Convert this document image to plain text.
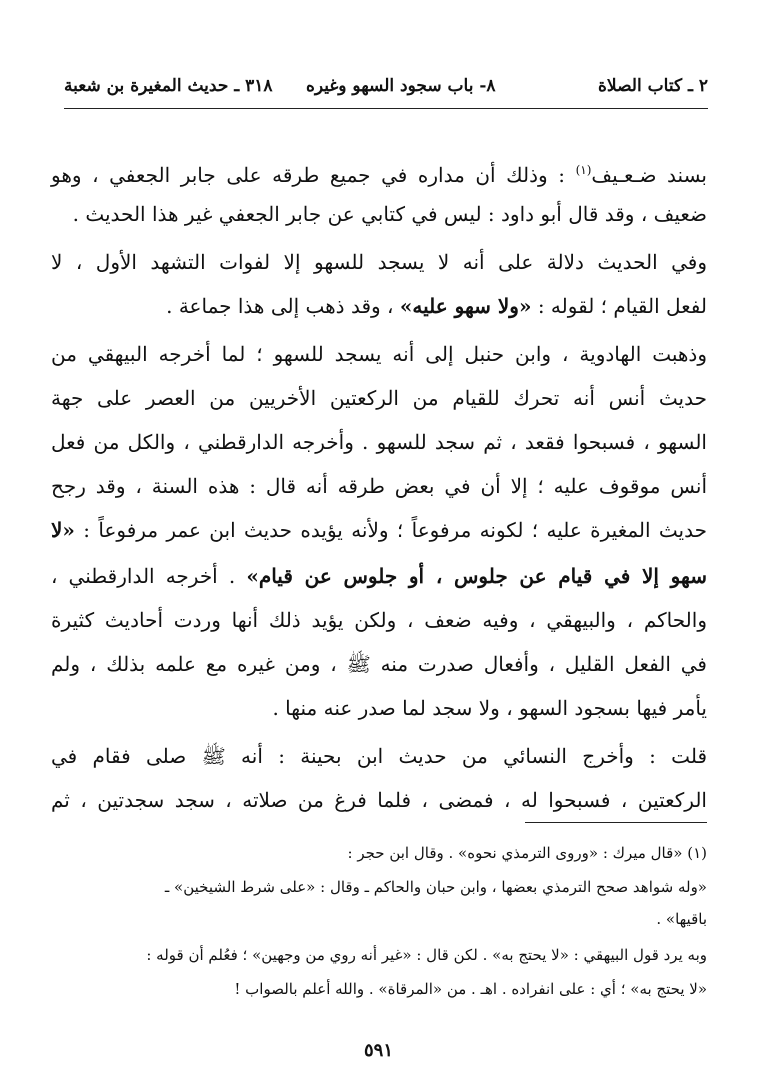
٢ ـ كتاب الصلاة
٨- باب سجود السهو وغيره
٣١٨ ـ حديث المغيرة بن شعبة
بسند ضـعـيف$^{(١)}$ : وذلك أن مداره في جميع طرقه على جابر الجعفي ، وهو
ضعيف ، وقد قال أبو داود : ليس في كتابي عن جابر الجعفي غير هذا الحديث .
وفي الحديث دلالة على أنه لا يسجد للسهو إلا لفوات التشهد الأول ، لا
لفعل القيام ؛ لقوله : «ولا سهو عليه» ، وقد ذهب إلى هذا جماعة .
وذهبت الهادوية ، وابن حنبل إلى أنه يسجد للسهو ؛ لما أخرجه البيهقي من
حديث أنس أنه تحرك للقيام من الركعتين الأخريين من العصر على جهة
السهو ، فسبحوا فقعد ، ثم سجد للسهو . وأخرجه الدارقطني ، والكل من فعل
أنس موقوف عليه ؛ إلا أن في بعض طرقه أنه قال : هذه السنة ، وقد رجح
حديث المغيرة عليه ؛ لكونه مرفوعاً ؛ ولأنه يؤيده حديث ابن عمر مرفوعاً : «لا
سهو إلا في قيام عن جلوس ، أو جلوس عن قيام» . أخرجه الدارقطني ،
والحاكم ، والبيهقي ، وفيه ضعف ، ولكن يؤيد ذلك أنها وردت أحاديث كثيرة
في الفعل القليل ، وأفعال صدرت منه ﷺ ، ومن غيره مع علمه بذلك ، ولم
يأمر فيها بسجود السهو ، ولا سجد لما صدر عنه منها .
قلت : وأخرج النسائي من حديث ابن بحينة : أنه ﷺ صلى فقام في
الركعتين ، فسبحوا له ، فمضى ، فلما فرغ من صلاته ، سجد سجدتين ، ثم
(١) «قال ميرك : «وروى الترمذي نحوه» . وقال ابن حجر :
«وله شواهد صحح الترمذي بعضها ، وابن حبان والحاكم ـ وقال : «على شرط الشيخين» ـ
باقيها» .
وبه يرد قول البيهقي : «لا يحتج به» . لكن قال : «غير أنه روي من وجهين» ؛ فعُلم أن قوله :
«لا يحتج به» ؛ أي : على انفراده . اهـ . من «المرقاة» . والله أعلم بالصواب !
٥٩١
